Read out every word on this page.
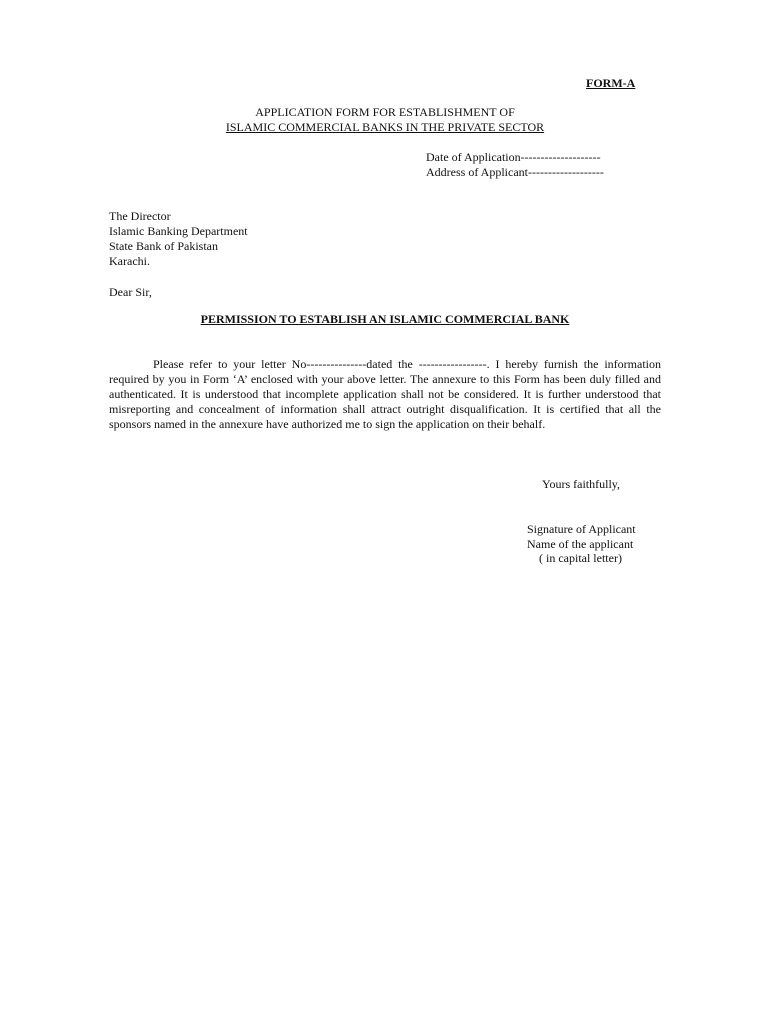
FORM-A
APPLICATION FORM FOR ESTABLISHMENT OF
ISLAMIC COMMERCIAL BANKS IN THE PRIVATE SECTOR
Date of Application--------------------
Address of Applicant-------------------
The Director
Islamic Banking Department
State Bank of Pakistan
Karachi.
Dear Sir,
PERMISSION TO ESTABLISH AN ISLAMIC COMMERCIAL BANK
Please refer to your letter No---------------dated the -----------------. I hereby furnish the information required by you in Form ‘A’ enclosed with your above letter. The annexure to this Form has been duly filled and authenticated. It is understood that incomplete application shall not be considered. It is further understood that misreporting and concealment of information shall attract outright disqualification. It is certified that all the sponsors named in the annexure have authorized me to sign the application on their behalf.
Yours faithfully,
Signature of Applicant
Name of the applicant
( in capital letter)
